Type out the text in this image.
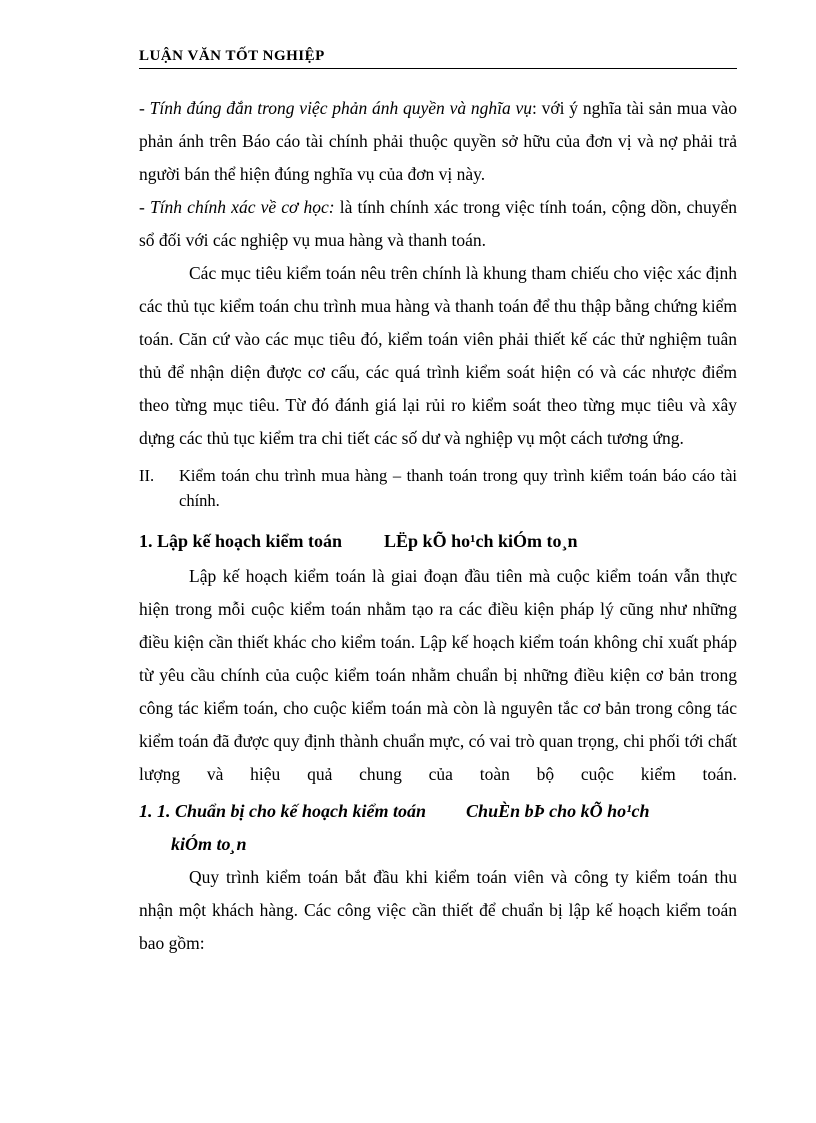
LUẬN VĂN TỐT NGHIỆP

- Tính đúng đắn trong việc phản ánh quyền và nghĩa vụ: với ý nghĩa tài sản mua vào phản ánh trên Báo cáo tài chính phải thuộc quyền sở hữu của đơn vị và nợ phải trả người bán thể hiện đúng nghĩa vụ của đơn vị này.

- Tính chính xác về cơ học: là tính chính xác trong việc tính toán, cộng dồn, chuyển sổ đối với các nghiệp vụ mua hàng và thanh toán.

Các mục tiêu kiểm toán nêu trên chính là khung tham chiếu cho việc xác định các thủ tục kiểm toán chu trình mua hàng và thanh toán để thu thập bằng chứng kiểm toán. Căn cứ vào các mục tiêu đó, kiểm toán viên phải thiết kế các thử nghiệm tuân thủ để nhận diện được cơ cấu, các quá trình kiểm soát hiện có và các nhược điểm theo từng mục tiêu. Từ đó đánh giá lại rủi ro kiểm soát theo từng mục tiêu và xây dựng các thủ tục kiểm tra chi tiết các số dư và nghiệp vụ một cách tương ứng.

II.	Kiểm toán chu trình mua hàng – thanh toán trong quy trình kiểm toán báo cáo tài chính.
1. Lập kế hoạch kiểm toán LËp kÕ ho¹ch kiÓm to¸n

Lập kế hoạch kiểm toán là giai đoạn đầu tiên mà cuộc kiểm toán vẫn thực hiện trong mỗi cuộc kiểm toán nhằm tạo ra các điều kiện pháp lý cũng như những điều kiện cần thiết khác cho kiểm toán. Lập kế hoạch kiểm toán không chỉ xuất pháp từ yêu cầu chính của cuộc kiểm toán nhằm chuẩn bị những điều kiện cơ bản trong công tác kiểm toán, cho cuộc kiểm toán mà còn là nguyên tắc cơ bản trong công tác kiểm toán đã được quy định thành chuẩn mực, có vai trò quan trọng, chi phối tới chất lượng và hiệu quả chung của toàn bộ cuộc kiểm toán.

1. 1. Chuẩn bị cho kế hoạch kiểm toán ChuÈn bÞ cho kÕ ho¹ch
kiÓm to¸n

Quy trình kiểm toán bắt đầu khi kiểm toán viên và công ty kiểm toán thu nhận một khách hàng. Các công việc cần thiết để chuẩn bị lập kế hoạch kiểm toán bao gồm:
